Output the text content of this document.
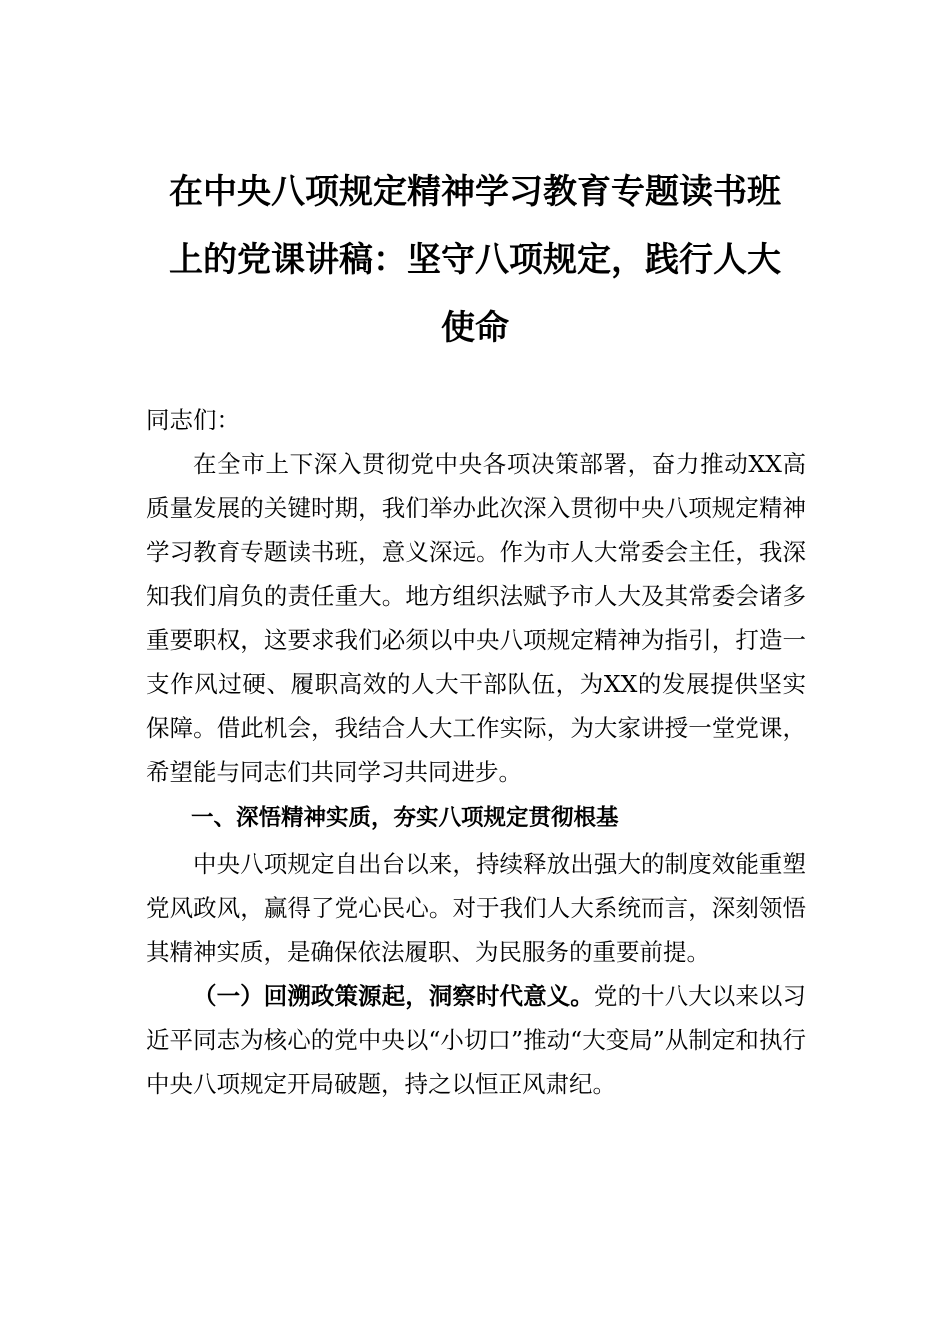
在中央八项规定精神学习教育专题读书班
上的党课讲稿：坚守八项规定，践行人大
使命

同志们：

在全市上下深入贯彻党中央各项决策部署，奋力推动XX高质量发展的关键时期，我们举办此次深入贯彻中央八项规定精神学习教育专题读书班，意义深远。作为市人大常委会主任，我深知我们肩负的责任重大。地方组织法赋予市人大及其常委会诸多重要职权，这要求我们必须以中央八项规定精神为指引，打造一支作风过硬、履职高效的人大干部队伍，为XX的发展提供坚实保障。借此机会，我结合人大工作实际，为大家讲授一堂党课，希望能与同志们共同学习共同进步。

一、深悟精神实质，夯实八项规定贯彻根基

中央八项规定自出台以来，持续释放出强大的制度效能重塑党风政风，赢得了党心民心。对于我们人大系统而言，深刻领悟其精神实质，是确保依法履职、为民服务的重要前提。

（一）回溯政策源起，洞察时代意义。党的十八大以来以习近平同志为核心的党中央以“小切口”推动“大变局”从制定和执行中央八项规定开局破题，持之以恒正风肃纪。
